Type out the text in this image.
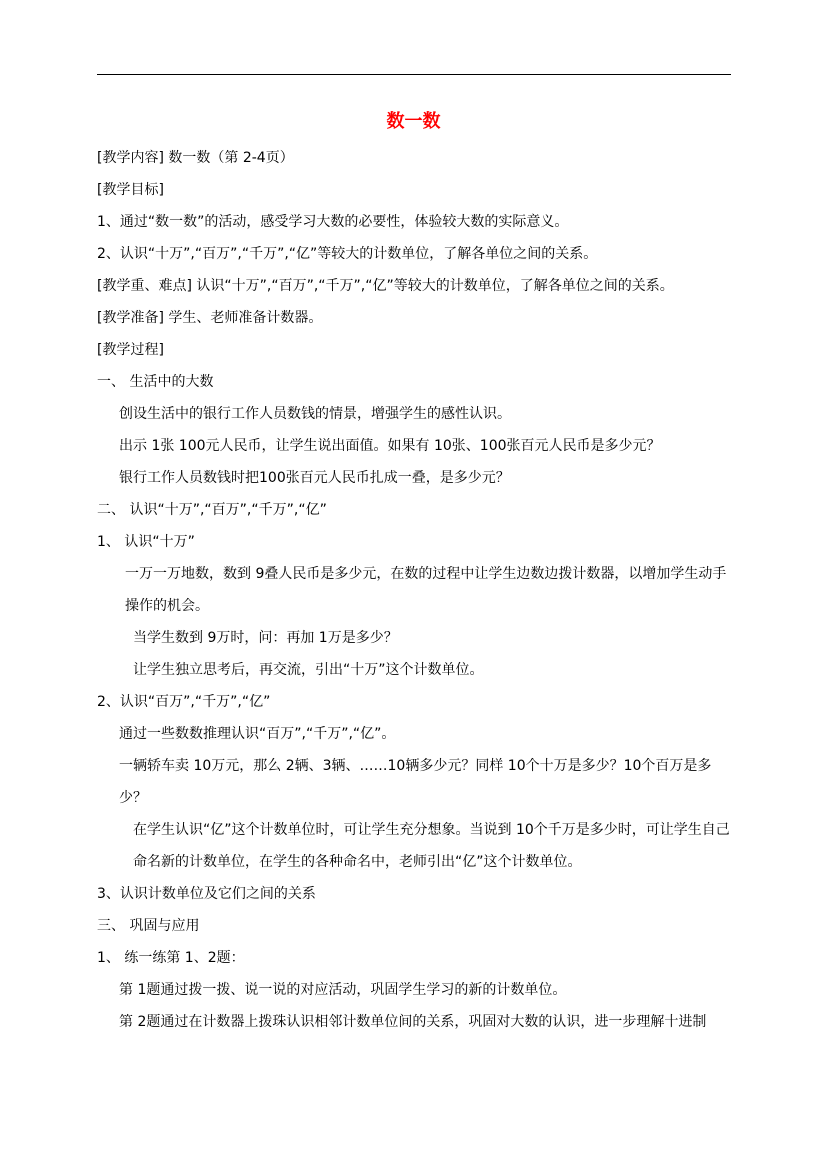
数一数

[教学内容] 数一数（第 2-4页）

[教学目标]

1、通过“数一数”的活动，感受学习大数的必要性，体验较大数的实际意义。

2、认识“十万”,“百万”,“千万”,“亿”等较大的计数单位，了解各单位之间的关系。

[教学重、难点] 认识“十万”,“百万”,“千万”,“亿”等较大的计数单位，了解各单位之间的关系。

[教学准备] 学生、老师准备计数器。

[教学过程]

一、 生活中的大数

创设生活中的银行工作人员数钱的情景，增强学生的感性认识。

出示 1张 100元人民币，让学生说出面值。如果有 10张、100张百元人民币是多少元？

银行工作人员数钱时把100张百元人民币扎成一叠，是多少元？

二、 认识“十万”,“百万”,“千万”,“亿”

1、 认识“十万”

一万一万地数，数到 9叠人民币是多少元，在数的过程中让学生边数边拨计数器，以增加学生动手操作的机会。

当学生数到 9万时，问：再加 1万是多少？

让学生独立思考后，再交流，引出“十万”这个计数单位。

2、认识“百万”,“千万”,“亿”

通过一些数数推理认识“百万”,“千万”,“亿”。

一辆轿车卖 10万元，那么 2辆、3辆、……10辆多少元？同样 10个十万是多少？10个百万是多少？

在学生认识“亿”这个计数单位时，可让学生充分想象。当说到 10个千万是多少时，可让学生自己命名新的计数单位，在学生的各种命名中，老师引出“亿”这个计数单位。

3、认识计数单位及它们之间的关系

三、 巩固与应用

1、 练一练第 1、2题：

第 1题通过拨一拨、说一说的对应活动，巩固学生学习的新的计数单位。

第 2题通过在计数器上拨珠认识相邻计数单位间的关系，巩固对大数的认识，进一步理解十进制
